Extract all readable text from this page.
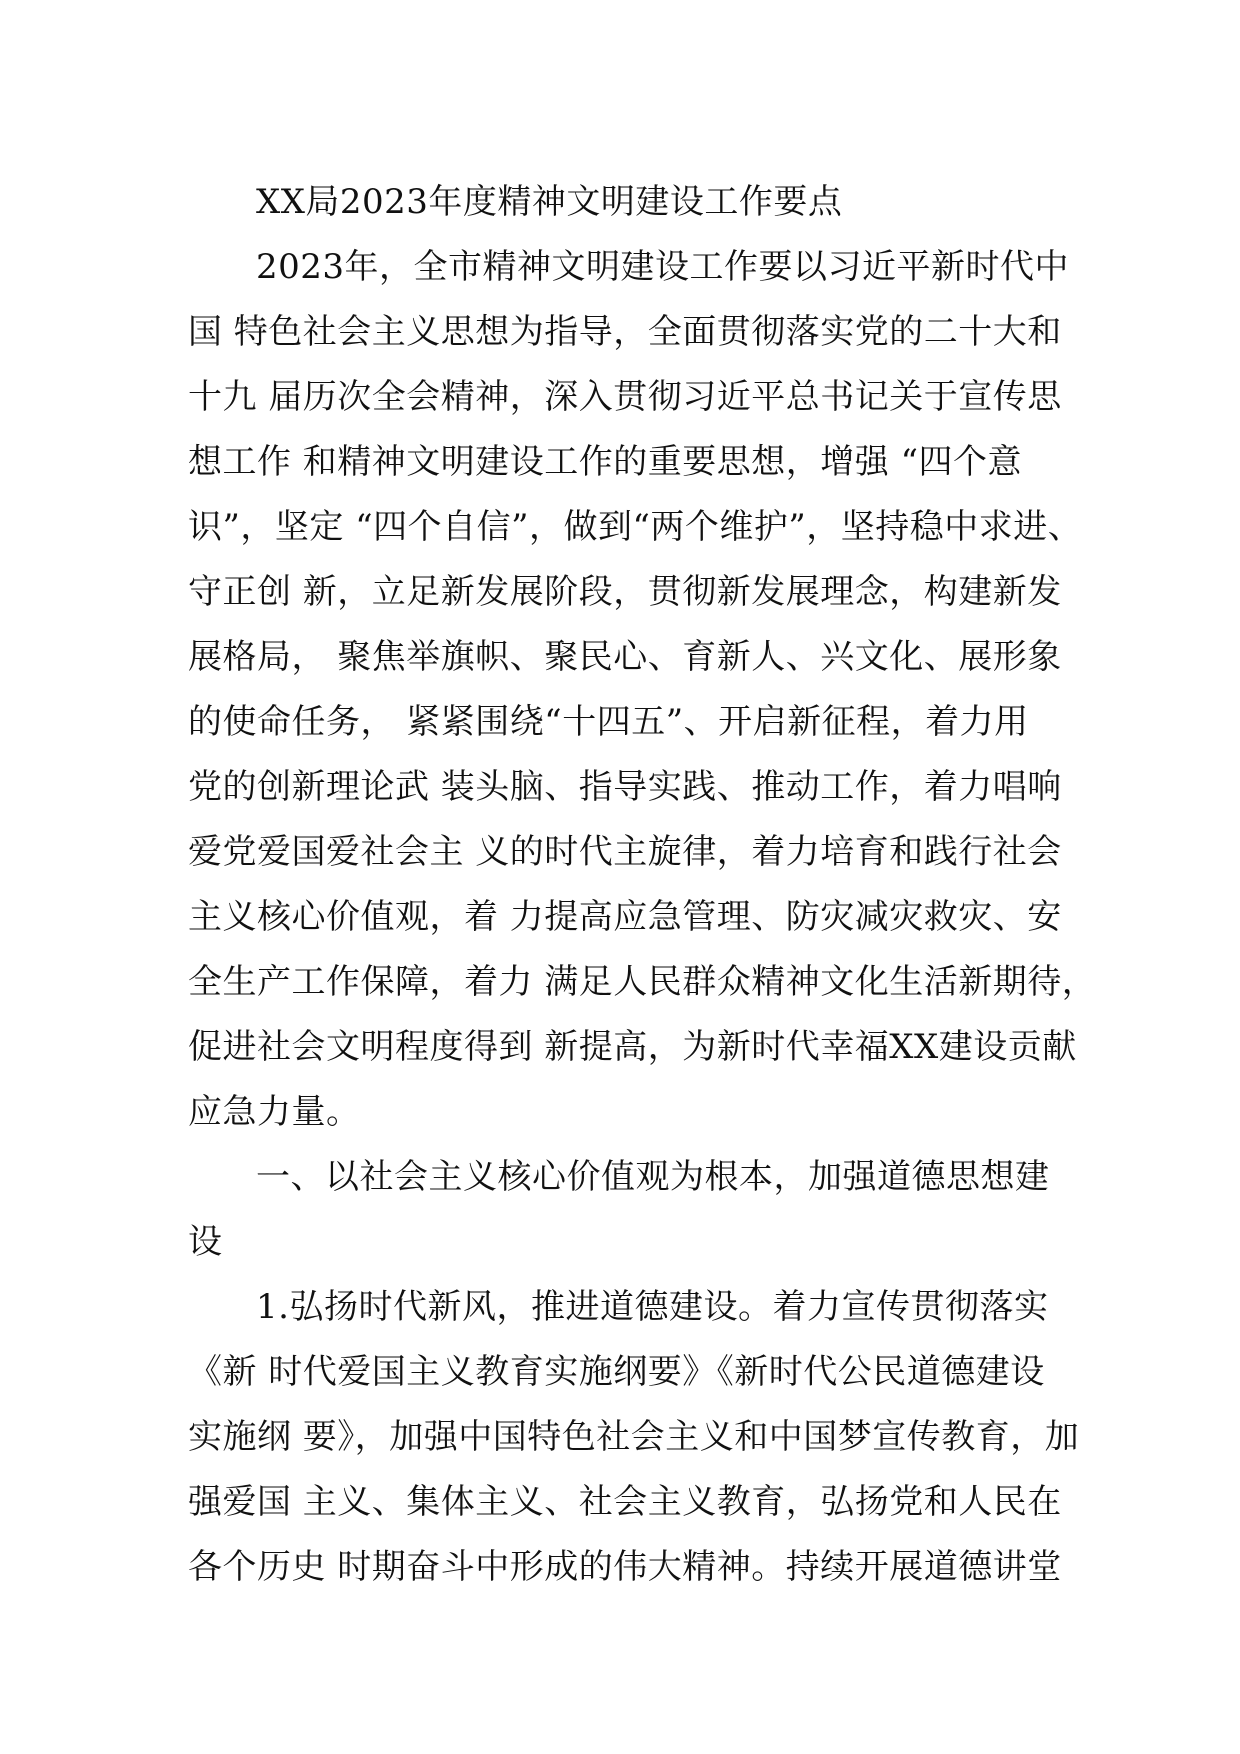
XX局2023年度精神文明建设工作要点
2023年，全市精神文明建设工作要以习近平新时代中
国 特色社会主义思想为指导，全面贯彻落实党的二十大和
十九 届历次全会精神，深入贯彻习近平总书记关于宣传思
想工作 和精神文明建设工作的重要思想，增强 “四个意
识”，坚定 “四个自信”，做到“两个维护”，坚持稳中求进、
守正创 新，立足新发展阶段，贯彻新发展理念，构建新发
展格局， 聚焦举旗帜、聚民心、育新人、兴文化、展形象
的使命任务， 紧紧围绕“十四五”、开启新征程，着力用
党的创新理论武 装头脑、指导实践、推动工作，着力唱响
爱党爱国爱社会主 义的时代主旋律，着力培育和践行社会
主义核心价值观，着 力提高应急管理、防灾减灾救灾、安
全生产工作保障，着力 满足人民群众精神文化生活新期待，
促进社会文明程度得到 新提高，为新时代幸福XX建设贡献
应急力量。
一、以社会主义核心价值观为根本，加强道德思想建
设
1.弘扬时代新风，推进道德建设。着力宣传贯彻落实
《新 时代爱国主义教育实施纲要》《新时代公民道德建设
实施纲 要》，加强中国特色社会主义和中国梦宣传教育，加
强爱国 主义、集体主义、社会主义教育，弘扬党和人民在
各个历史 时期奋斗中形成的伟大精神。持续开展道德讲堂
